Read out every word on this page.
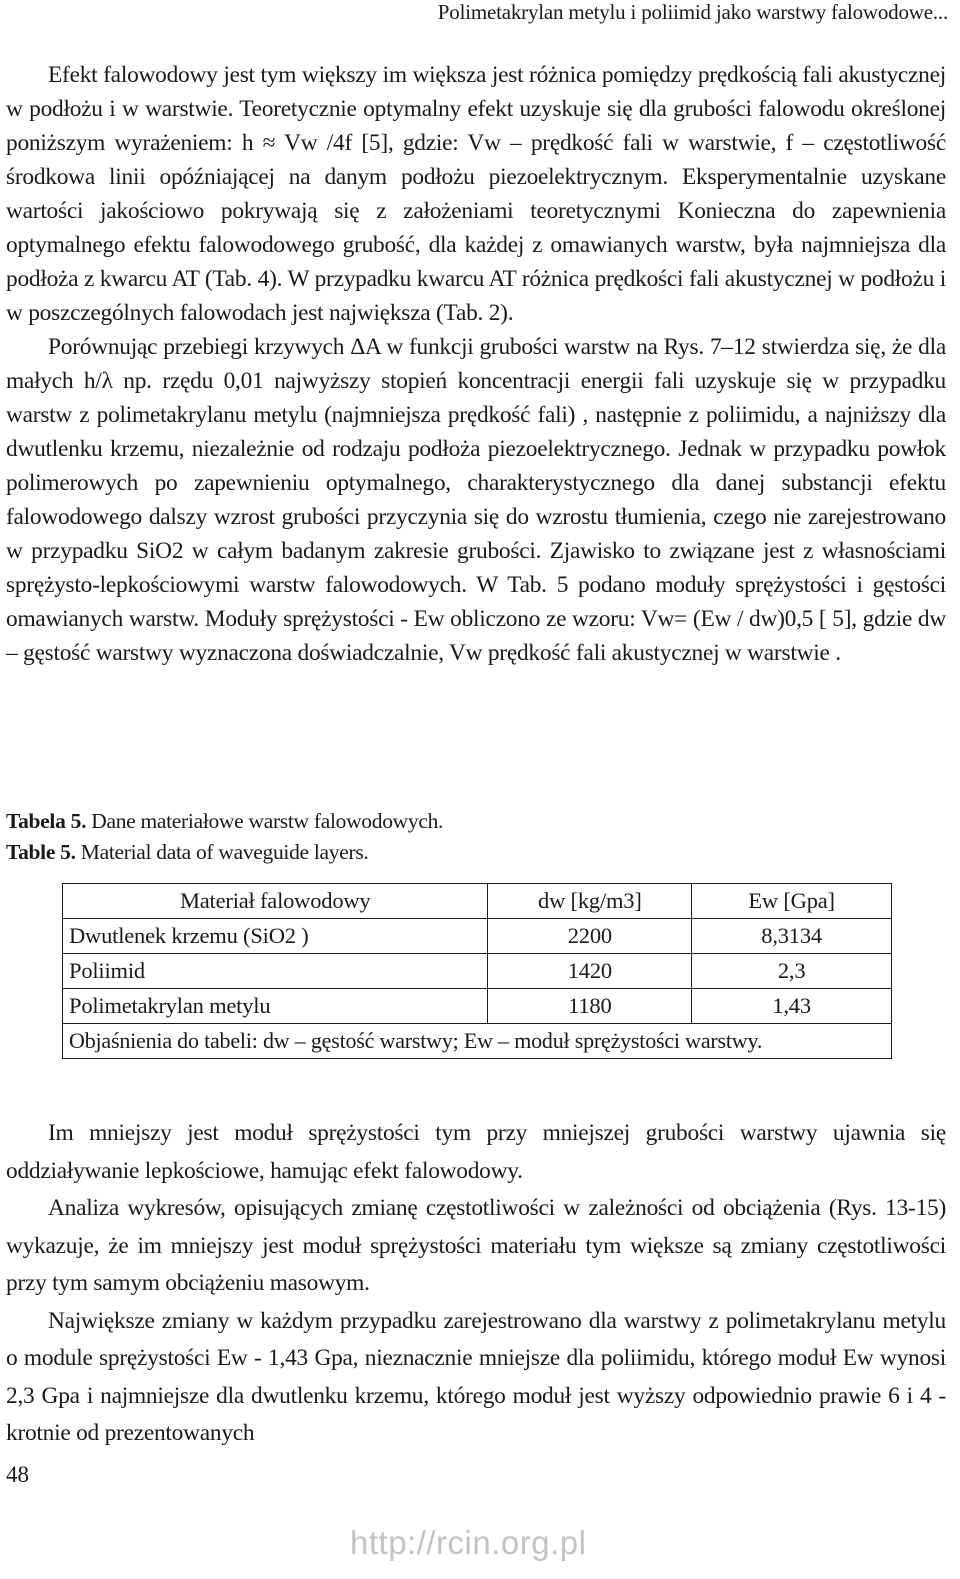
Polimetakrylan metylu i poliimid jako warstwy falowodowe...

Efekt falowodowy jest tym większy im większa jest różnica pomiędzy prędkością fali akustycznej w podłożu i w warstwie. Teoretycznie optymalny efekt uzyskuje się dla grubości falowodu określonej poniższym wyrażeniem: h ≈ Vw /4f [5], gdzie: Vw – prędkość fali w warstwie, f – częstotliwość środkowa linii opóźniającej na danym podłożu piezoelektrycznym. Eksperymentalnie uzyskane wartości jakościowo pokrywają się z założeniami teoretycznymi Konieczna do zapewnienia optymalnego efektu falowodowego grubość, dla każdej z omawianych warstw, była najmniejsza dla podłoża z kwarcu AT (Tab. 4). W przypadku kwarcu AT różnica prędkości fali akustycznej w podłożu i w poszczególnych falowodach jest największa (Tab. 2).

Porównując przebiegi krzywych ΔA w funkcji grubości warstw na Rys. 7–12 stwierdza się, że dla małych h/λ np. rzędu 0,01 najwyższy stopień koncentracji energii fali uzyskuje się w przypadku warstw z polimetakrylanu metylu (najmniejsza prędkość fali) , następnie z poliimidu, a najniższy dla dwutlenku krzemu, niezależnie od rodzaju podłoża piezoelektrycznego. Jednak w przypadku powłok polimerowych po zapewnieniu optymalnego, charakterystycznego dla danej substancji efektu falowodowego dalszy wzrost grubości przyczynia się do wzrostu tłumienia, czego nie zarejestrowano w przypadku SiO2 w całym badanym zakresie grubości. Zjawisko to związane jest z własnościami sprężysto-lepkościowymi warstw falowodowych. W Tab. 5 podano moduły sprężystości i gęstości omawianych warstw. Moduły sprężystości - Ew obliczono ze wzoru: Vw= (Ew / dw)0,5 [ 5], gdzie dw – gęstość warstwy wyznaczona doświadczalnie, Vw prędkość fali akustycznej w warstwie .

Tabela 5. Dane materiałowe warstw falowodowych.
Table 5. Material data of waveguide layers.
Materiał falowodowy	dw [kg/m3]	Ew [Gpa]
Dwutlenek krzemu (SiO2 )	2200	8,3134
Poliimid	1420	2,3
Polimetakrylan metylu	1180	1,43
Objaśnienia do tabeli: dw – gęstość warstwy; Ew – moduł sprężystości warstwy.		

Im mniejszy jest moduł sprężystości tym przy mniejszej grubości warstwy ujawnia się oddziaływanie lepkościowe, hamując efekt falowodowy.

Analiza wykresów, opisujących zmianę częstotliwości w zależności od obciążenia (Rys. 13-15) wykazuje, że im mniejszy jest moduł sprężystości materiału tym większe są zmiany częstotliwości przy tym samym obciążeniu masowym.

Największe zmiany w każdym przypadku zarejestrowano dla warstwy z polimetakrylanu metylu o module sprężystości Ew - 1,43 Gpa, nieznacznie mniejsze dla poliimidu, którego moduł Ew wynosi 2,3 Gpa i najmniejsze dla dwutlenku krzemu, którego moduł jest wyższy odpowiednio prawie 6 i 4 -krotnie od prezentowanych

48
http://rcin.org.pl
